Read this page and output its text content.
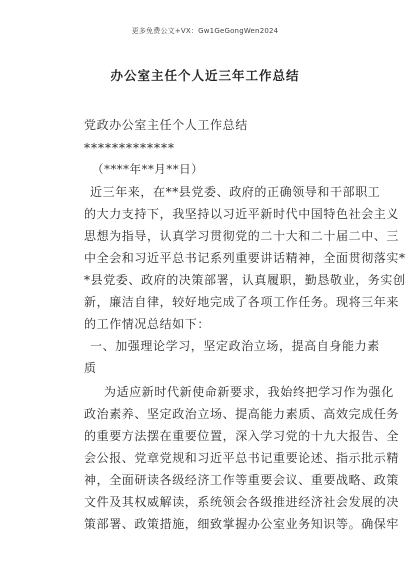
更多免费公文+VX：Gw1GeGongWen2024
办公室主任个人近三年工作总结
党政办公室主任个人工作总结
*************
（****年**月**日）
近三年来，在**县党委、政府的正确领导和干部职工
的大力支持下，我坚持以习近平新时代中国特色社会主义
思想为指导，认真学习贯彻党的二十大和二十届二中、三
中全会和习近平总书记系列重要讲话精神，全面贯彻落实*
*县党委、政府的决策部署，认真履职，勤恳敬业，务实创
新，廉洁自律，较好地完成了各项工作任务。现将三年来
的工作情况总结如下：
一、加强理论学习，坚定政治立场，提高自身能力素
质
为适应新时代新使命新要求，我始终把学习作为强化
政治素养、坚定政治立场、提高能力素质、高效完成任务
的重要方法摆在重要位置，深入学习党的十九大报告、全
会公报、党章党规和习近平总书记重要论述、指示批示精
神，全面研读各级经济工作等重要会议、重要战略、政策
文件及其权威解读，系统领会各级推进经济社会发展的决
策部署、政策措施，细致掌握办公室业务知识等。确保牢
